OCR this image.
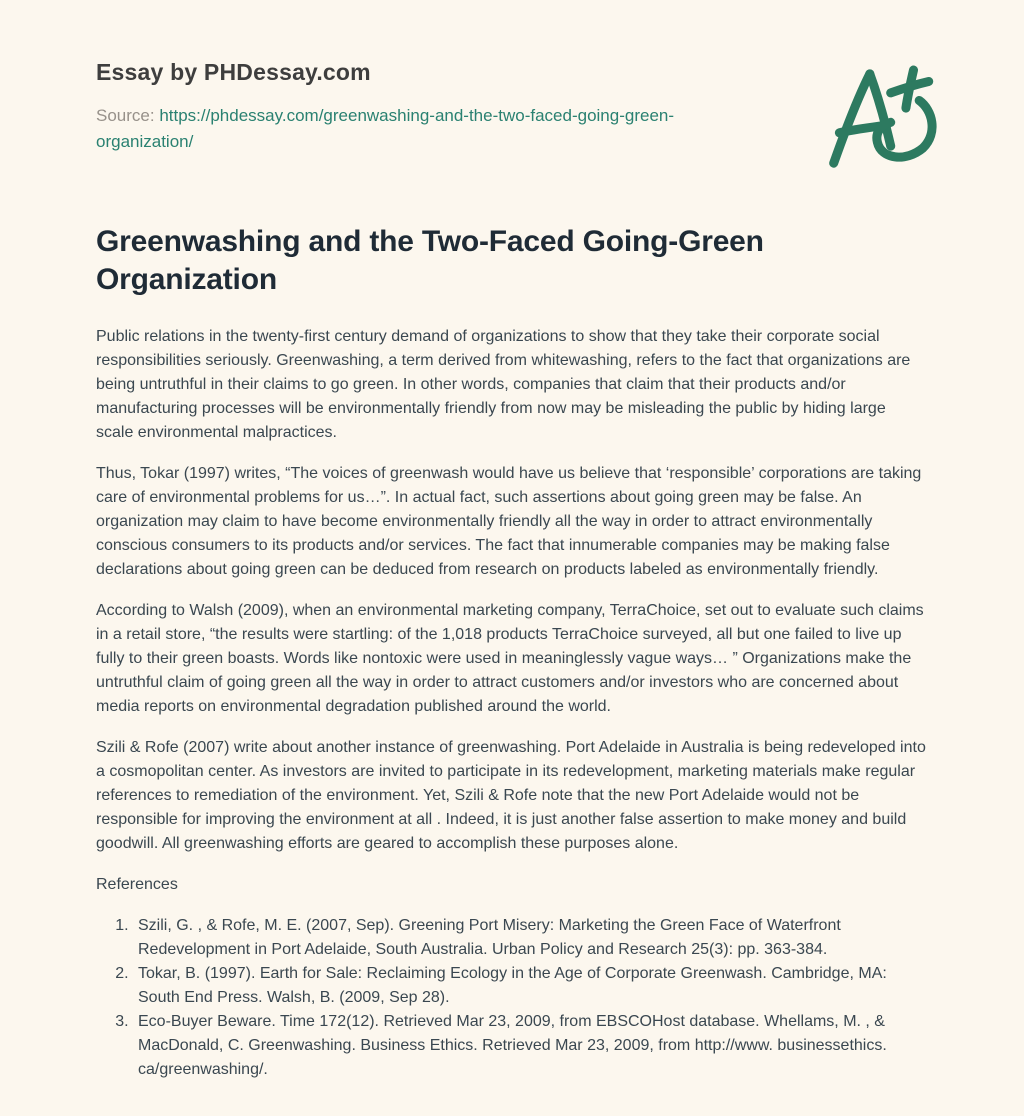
Essay by PHDessay.com
Source: https://phdessay.com/greenwashing-and-the-two-faced-going-green-organization/
Greenwashing and the Two-Faced Going-Green Organization

Public relations in the twenty-first century demand of organizations to show that they take their corporate social responsibilities seriously. Greenwashing, a term derived from whitewashing, refers to the fact that organizations are being untruthful in their claims to go green. In other words, companies that claim that their products and/or manufacturing processes will be environmentally friendly from now may be misleading the public by hiding large scale environmental malpractices.

Thus, Tokar (1997) writes, “The voices of greenwash would have us believe that ‘responsible’ corporations are taking care of environmental problems for us…”. In actual fact, such assertions about going green may be false. An organization may claim to have become environmentally friendly all the way in order to attract environmentally conscious consumers to its products and/or services. The fact that innumerable companies may be making false declarations about going green can be deduced from research on products labeled as environmentally friendly.

According to Walsh (2009), when an environmental marketing company, TerraChoice, set out to evaluate such claims in a retail store, “the results were startling: of the 1,018 products TerraChoice surveyed, all but one failed to live up fully to their green boasts. Words like nontoxic were used in meaninglessly vague ways… ” Organizations make the untruthful claim of going green all the way in order to attract customers and/or investors who are concerned about media reports on environmental degradation published around the world.

Szili & Rofe (2007) write about another instance of greenwashing. Port Adelaide in Australia is being redeveloped into a cosmopolitan center. As investors are invited to participate in its redevelopment, marketing materials make regular references to remediation of the environment. Yet, Szili & Rofe note that the new Port Adelaide would not be responsible for improving the environment at all . Indeed, it is just another false assertion to make money and build goodwill. All greenwashing efforts are geared to accomplish these purposes alone.

References

1. Szili, G. , & Rofe, M. E. (2007, Sep). Greening Port Misery: Marketing the Green Face of Waterfront Redevelopment in Port Adelaide, South Australia. Urban Policy and Research 25(3): pp. 363-384.
2. Tokar, B. (1997). Earth for Sale: Reclaiming Ecology in the Age of Corporate Greenwash. Cambridge, MA: South End Press. Walsh, B. (2009, Sep 28).
3. Eco-Buyer Beware. Time 172(12). Retrieved Mar 23, 2009, from EBSCOHost database. Whellams, M. , & MacDonald, C. Greenwashing. Business Ethics. Retrieved Mar 23, 2009, from http://www. businessethics. ca/greenwashing/.
